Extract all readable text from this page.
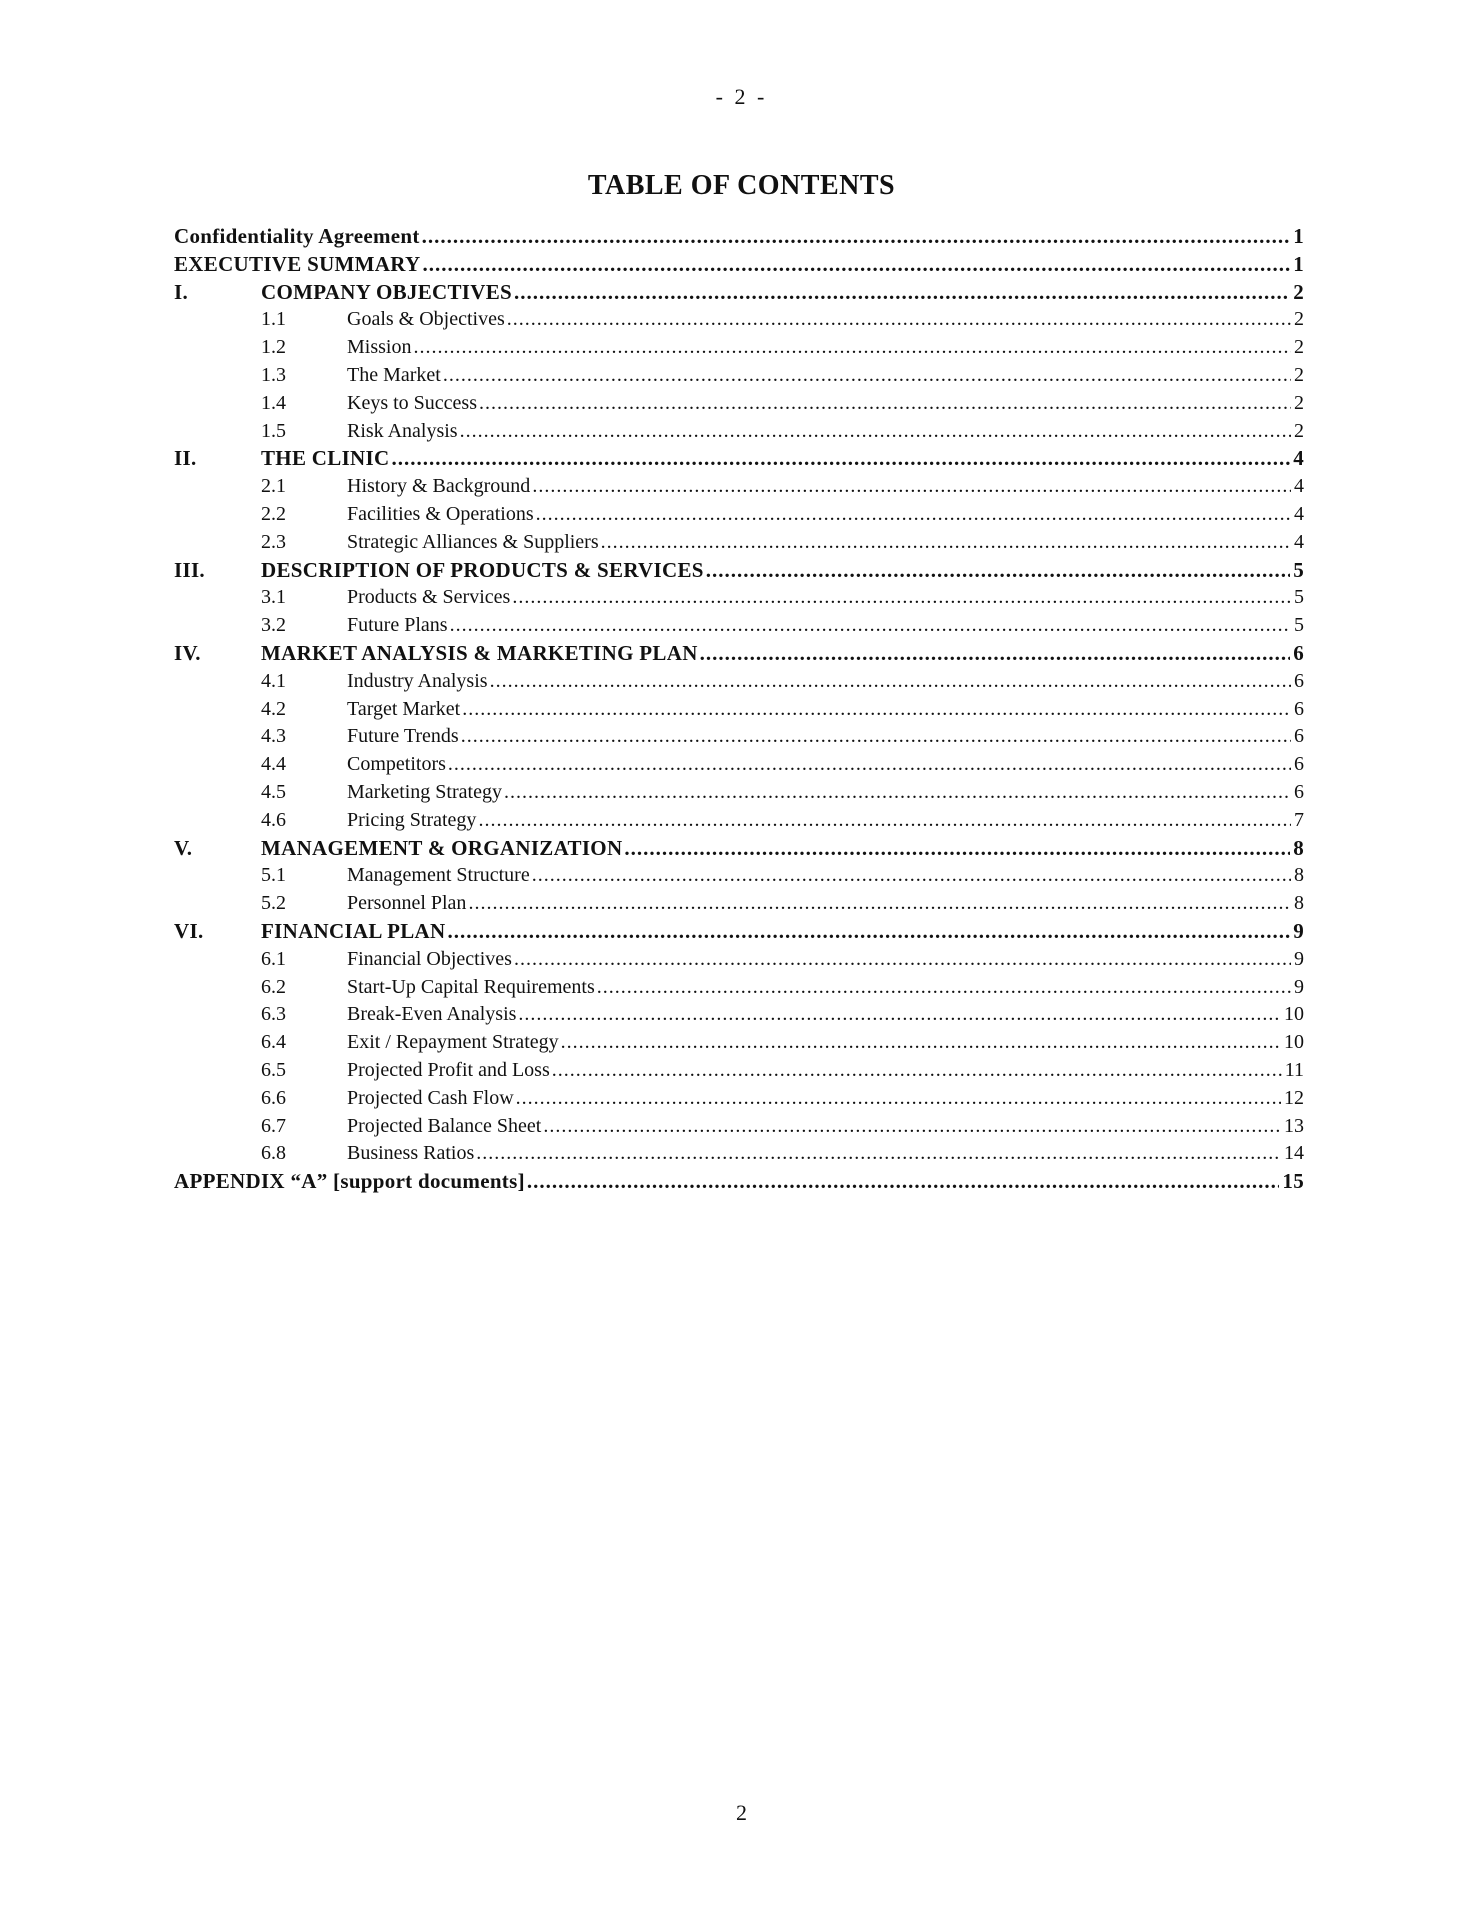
- 2 -
TABLE OF CONTENTS
Confidentiality Agreement .....	1
EXECUTIVE SUMMARY .....	1
I.	COMPANY OBJECTIVES .....	2
1.1	Goals & Objectives .....	2
1.2	Mission .....	2
1.3	The Market .....	2
1.4	Keys to Success .....	2
1.5	Risk Analysis .....	2
II.	THE CLINIC .....	4
2.1	History & Background .....	4
2.2	Facilities & Operations .....	4
2.3	Strategic Alliances & Suppliers .....	4
III.	DESCRIPTION OF PRODUCTS & SERVICES .....	5
3.1	Products & Services .....	5
3.2	Future Plans .....	5
IV.	MARKET ANALYSIS & MARKETING PLAN .....	6
4.1	Industry Analysis .....	6
4.2	Target Market .....	6
4.3	Future Trends .....	6
4.4	Competitors .....	6
4.5	Marketing Strategy .....	6
4.6	Pricing Strategy .....	7
V.	MANAGEMENT & ORGANIZATION .....	8
5.1	Management Structure .....	8
5.2	Personnel Plan .....	8
VI.	FINANCIAL PLAN .....	9
6.1	Financial Objectives .....	9
6.2	Start-Up Capital Requirements .....	9
6.3	Break-Even Analysis .....	10
6.4	Exit / Repayment Strategy .....	10
6.5	Projected Profit and Loss .....	11
6.6	Projected Cash Flow .....	12
6.7	Projected Balance Sheet .....	13
6.8	Business Ratios .....	14
APPENDIX “A” [support documents] .....	15
2
